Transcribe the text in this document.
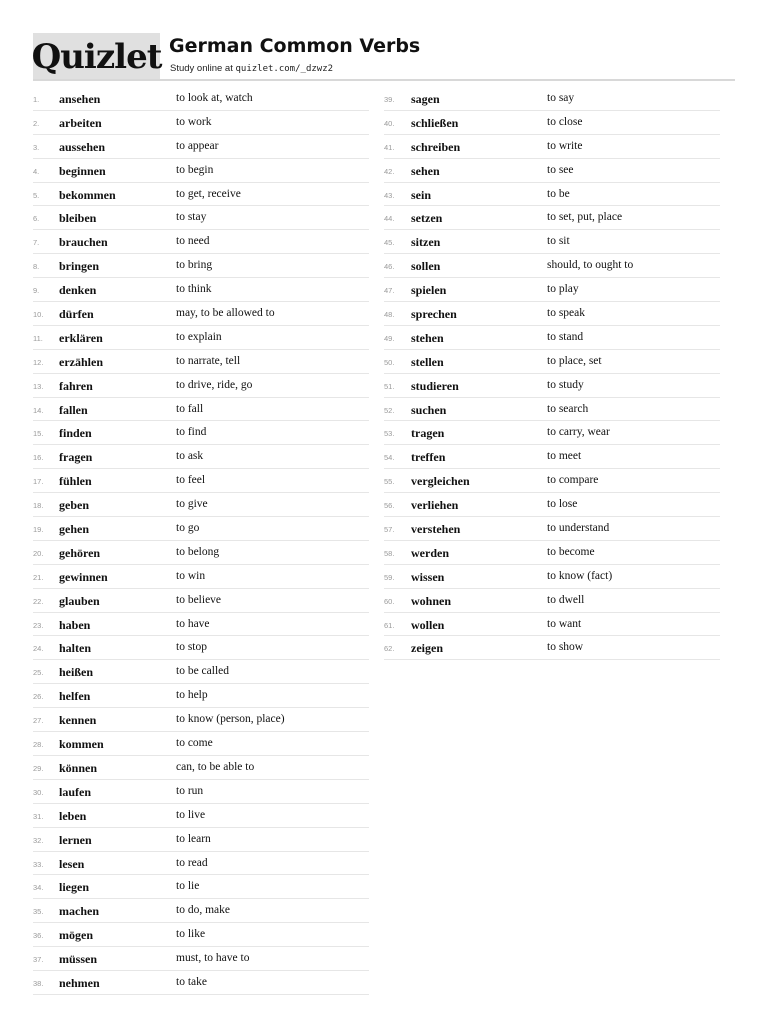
Quizlet German Common Verbs
Study online at quizlet.com/_dzwz2
1.	ansehen	to look at, watch
2.	arbeiten	to work
3.	aussehen	to appear
4.	beginnen	to begin
5.	bekommen	to get, receive
6.	bleiben	to stay
7.	brauchen	to need
8.	bringen	to bring
9.	denken	to think
10. dürfen	may, to be allowed to
11.	erklären	to explain
12. erzählen	to narrate, tell
13. fahren	to drive, ride, go
14. fallen	to fall
15. finden	to find
16. fragen	to ask
17. fühlen	to feel
18. geben	to give
19. gehen	to go
20. gehören	to belong
21. gewinnen	to win
22. glauben	to believe
23. haben	to have
24. halten	to stop
25. heißen	to be called
26. helfen	to help
27. kennen	to know (person, place)
28. kommen	to come
29. können	can, to be able to
30. laufen	to run
31. leben	to live
32. lernen	to learn
33. lesen	to read
34. liegen	to lie
35. machen	to do, make
36. mögen	to like
37. müssen	must, to have to
38. nehmen	to take
39. sagen	to say
40. schließen	to close
41. schreiben	to write
42. sehen	to see
43. sein	to be
44. setzen	to set, put, place
45. sitzen	to sit
46. sollen	should, to ought to
47. spielen	to play
48. sprechen	to speak
49. stehen	to stand
50. stellen	to place, set
51. studieren	to study
52. suchen	to search
53. tragen	to carry, wear
54. treffen	to meet
55. vergleichen	to compare
56. verliehen	to lose
57. verstehen	to understand
58. werden	to become
59. wissen	to know (fact)
60. wohnen	to dwell
61. wollen	to want
62. zeigen	to show
